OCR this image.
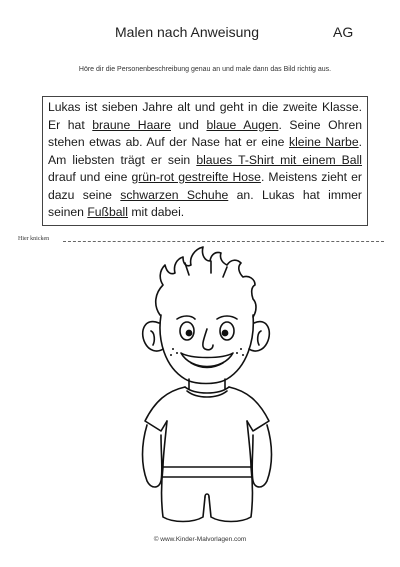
Malen nach Anweisung	AG
Höre dir die Personenbeschreibung genau an und male dann das Bild richtig aus.

Lukas ist sieben Jahre alt und geht in die zweite Klasse. Er hat braune Haare und blaue Augen. Seine Ohren stehen etwas ab. Auf der Nase hat er eine kleine Narbe. Am liebsten trägt er sein blaues T-Shirt mit einem Ball drauf und eine grün-rot gestreifte Hose. Meistens zieht er dazu seine schwarzen Schuhe an. Lukas hat immer seinen Fußball mit dabei.

Hier knicken
© www.Kinder-Malvorlagen.com
